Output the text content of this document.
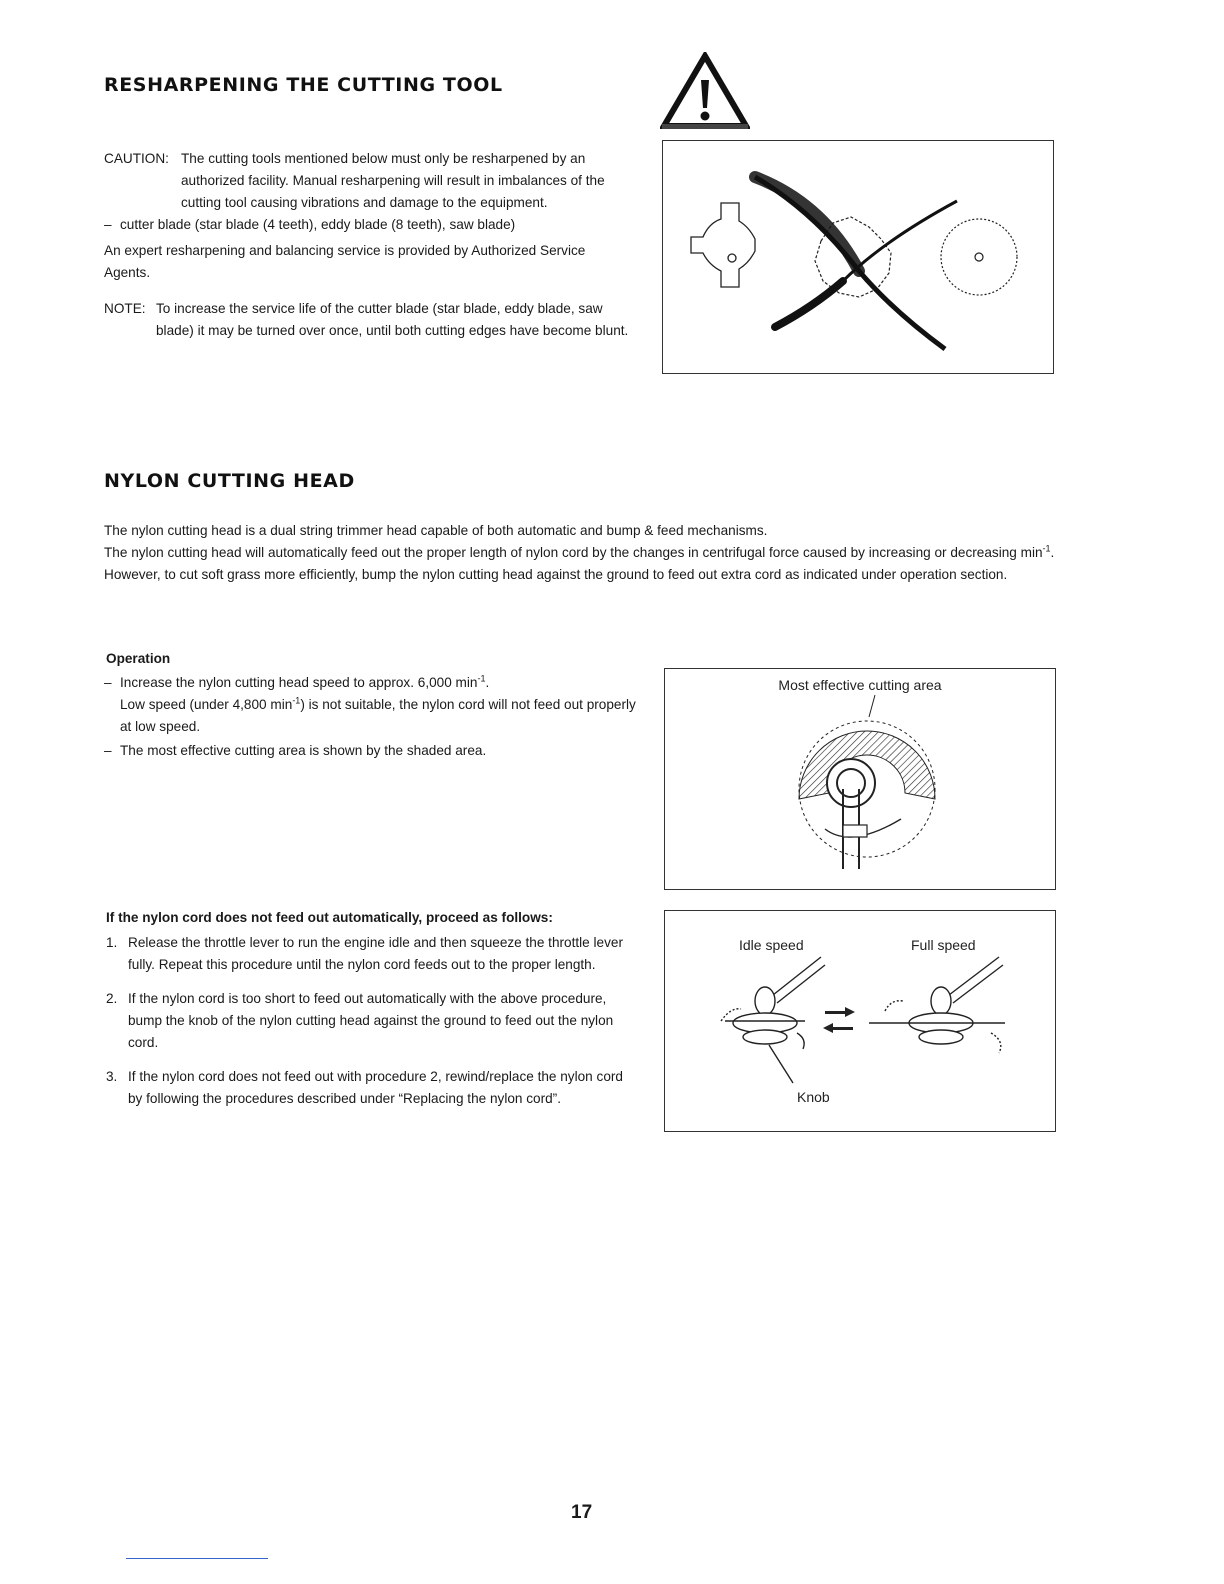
RESHARPENING THE CUTTING TOOL
CAUTION: The cutting tools mentioned below must only be resharpened by an authorized facility. Manual resharpening will result in imbalances of the cutting tool causing vibrations and damage to the equipment.
– cutter blade (star blade (4 teeth), eddy blade (8 teeth), saw blade)
An expert resharpening and balancing service is provided by Authorized Service Agents.
NOTE: To increase the service life of the cutter blade (star blade, eddy blade, saw blade) it may be turned over once, until both cutting edges have become blunt.
NYLON CUTTING HEAD
The nylon cutting head is a dual string trimmer head capable of both automatic and bump & feed mechanisms.
The nylon cutting head will automatically feed out the proper length of nylon cord by the changes in centrifugal force caused by increasing or decreasing $\min^{-1}$. However, to cut soft grass more efficiently, bump the nylon cutting head against the ground to feed out extra cord as indicated under operation section.
Operation
– Increase the nylon cutting head speed to approx. 6,000 $\min^{-1}$.
Low speed (under 4,800 $\min^{-1}$) is not suitable, the nylon cord will not feed out properly at low speed.
– The most effective cutting area is shown by the shaded area.
Most effective cutting area
If the nylon cord does not feed out automatically, proceed as follows:
1. Release the throttle lever to run the engine idle and then squeeze the throttle lever fully. Repeat this procedure until the nylon cord feeds out to the proper length.
2. If the nylon cord is too short to feed out automatically with the above procedure, bump the knob of the nylon cutting head against the ground to feed out the nylon cord.
3. If the nylon cord does not feed out with procedure 2, rewind/replace the nylon cord by following the procedures described under “Replacing the nylon cord”.
Idle speed	Full speed
Knob
17
